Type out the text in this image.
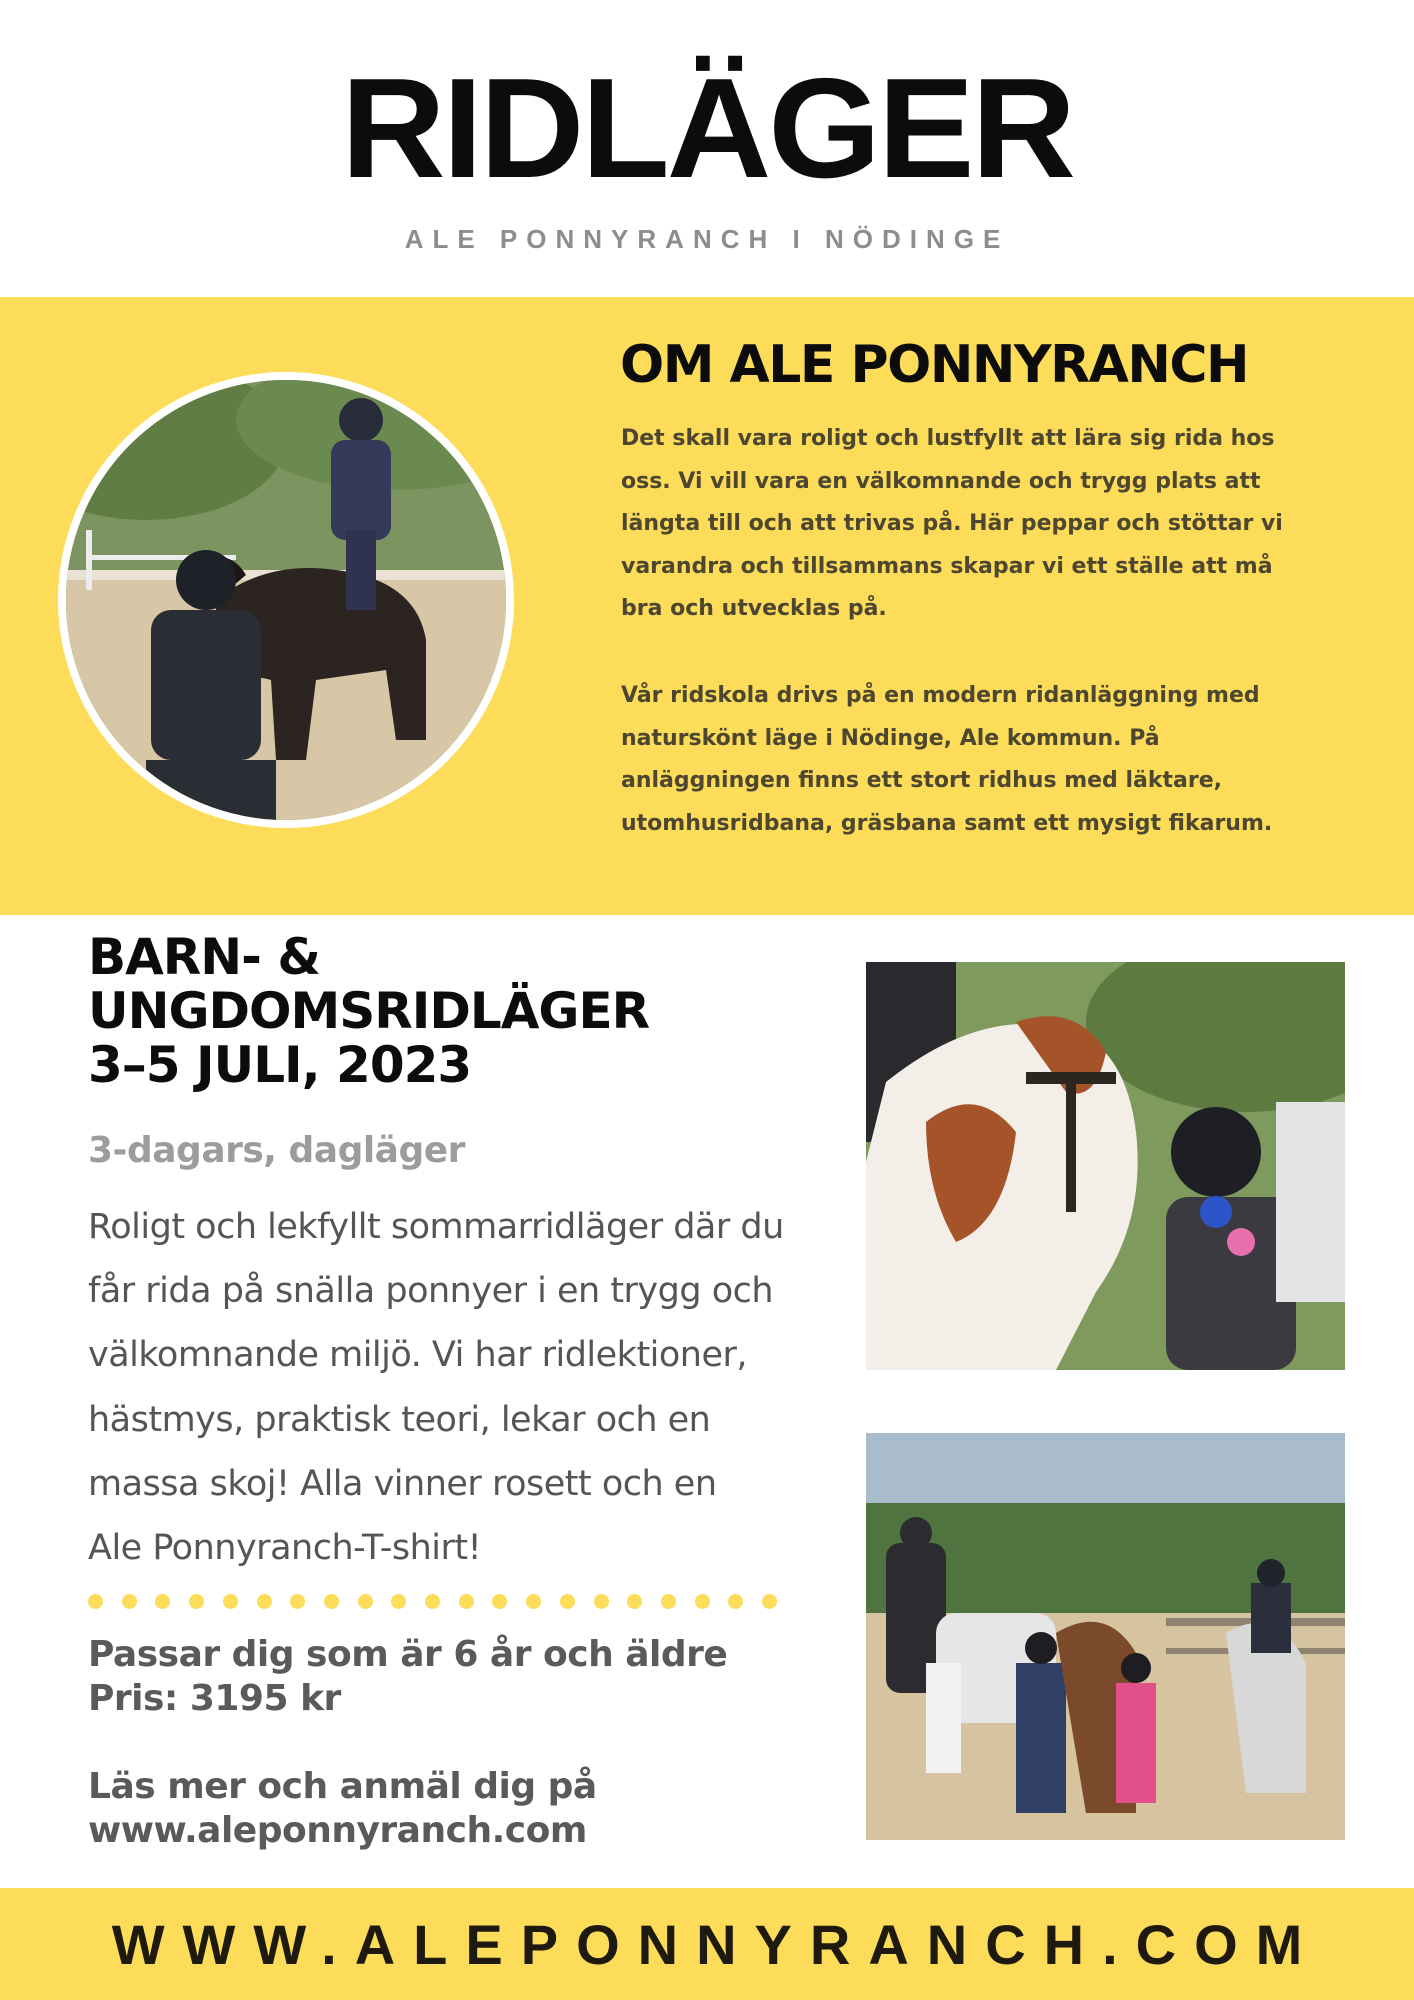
RIDLÄGER
ALE PONNYRANCH I NÖDINGE
OM ALE PONNYRANCH

Det skall vara roligt och lustfyllt att lära sig rida hos oss. Vi vill vara en välkomnande och trygg plats att längta till och att trivas på. Här peppar och stöttar vi varandra och tillsammans skapar vi ett ställe att må bra och utvecklas på.

Vår ridskola drivs på en modern ridanläggning med naturskönt läge i Nödinge, Ale kommun. På anläggningen finns ett stort ridhus med läktare, utomhusridbana, gräsbana samt ett mysigt fikarum.

BARN- &
UNGDOMSRIDLÄGER
3–5 JULI, 2023
3-dagars, dagläger
Roligt och lekfyllt sommarridläger där du
får rida på snälla ponnyer i en trygg och
välkomnande miljö. Vi har ridlektioner,
hästmys, praktisk teori, lekar och en
massa skoj! Alla vinner rosett och en
Ale Ponnyranch-T-shirt!
Passar dig som är 6 år och äldre
Pris: 3195 kr
Läs mer och anmäl dig på
www.aleponnyranch.com
WWW.ALEPONNYRANCH.COM
